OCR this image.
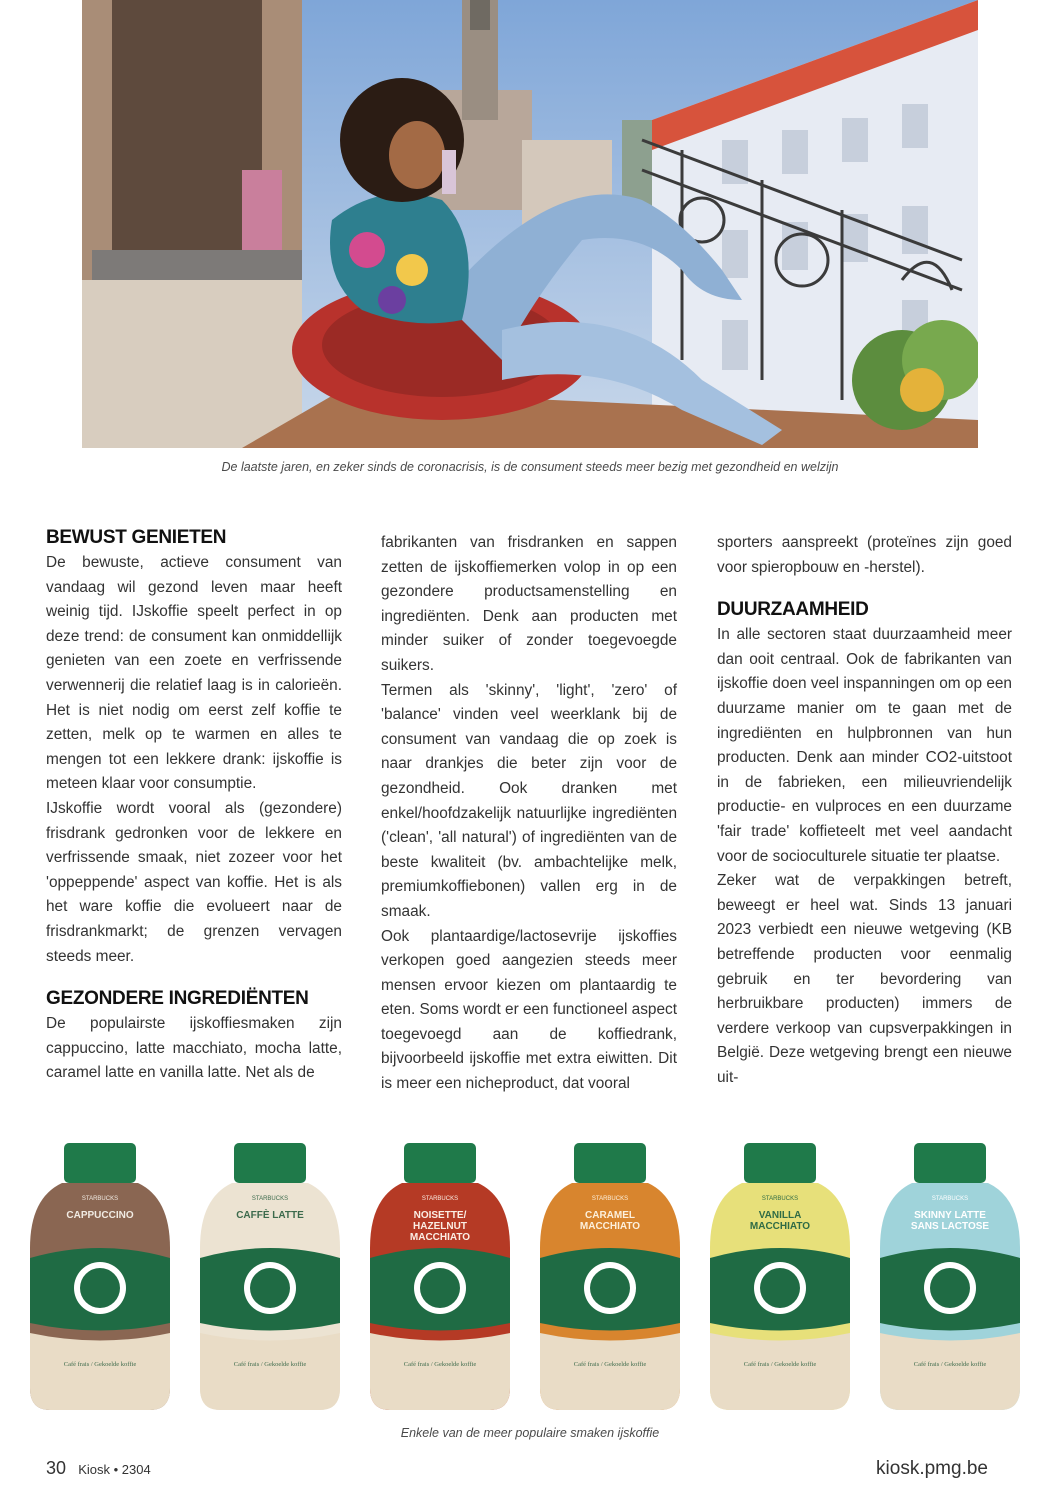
De laatste jaren, en zeker sinds de coronacrisis, is de consument steeds meer bezig met gezondheid en welzijn
BEWUST GENIETEN

De bewuste, actieve consument van vandaag wil gezond leven maar heeft weinig tijd. IJskoffie speelt perfect in op deze trend: de consument kan onmiddellijk genieten van een zoete en verfrissende verwennerij die relatief laag is in calorieën. Het is niet nodig om eerst zelf koffie te zetten, melk op te warmen en alles te mengen tot een lekkere drank: ijskoffie is meteen klaar voor consumptie.

IJskoffie wordt vooral als (gezondere) frisdrank gedronken voor de lekkere en verfrissende smaak, niet zozeer voor het 'oppeppende' aspect van koffie. Het is als het ware koffie die evolueert naar de frisdrankmarkt; de grenzen vervagen steeds meer.

GEZONDERE INGREDIËNTEN

De populairste ijskoffiesmaken zijn cappuccino, latte macchiato, mocha latte, caramel latte en vanilla latte. Net als de

fabrikanten van frisdranken en sappen zetten de ijskoffiemerken volop in op een gezondere productsamenstelling en ingrediënten. Denk aan producten met minder suiker of zonder toegevoegde suikers.

Termen als 'skinny', 'light', 'zero' of 'balance' vinden veel weerklank bij de consument van vandaag die op zoek is naar drankjes die beter zijn voor de gezondheid. Ook dranken met enkel/hoofdzakelijk natuurlijke ingrediënten ('clean', 'all natural') of ingrediënten van de beste kwaliteit (bv. ambachtelijke melk, premiumkoffiebonen) vallen erg in de smaak.

Ook plantaardige/lactosevrije ijskoffies verkopen goed aangezien steeds meer mensen ervoor kiezen om plantaardig te eten. Soms wordt er een functioneel aspect toegevoegd aan de koffiedrank, bijvoorbeeld ijskoffie met extra eiwitten. Dit is meer een nicheproduct, dat vooral

sporters aanspreekt (proteïnes zijn goed voor spieropbouw en -herstel).

DUURZAAMHEID

In alle sectoren staat duurzaamheid meer dan ooit centraal. Ook de fabrikanten van ijskoffie doen veel inspanningen om op een duurzame manier om te gaan met de ingrediënten en hulpbronnen van hun producten. Denk aan minder CO2-uitstoot in de fabrieken, een milieuvriendelijk productie- en vulproces en een duurzame 'fair trade' koffieteelt met veel aandacht voor de socioculturele situatie ter plaatse.

Zeker wat de verpakkingen betreft, beweegt er heel wat. Sinds 13 januari 2023 verbiedt een nieuwe wetgeving (KB betreffende producten voor eenmalig gebruik en ter bevordering van herbruikbare producten) immers de verdere verkoop van cupsverpakkingen in België. Deze wetgeving brengt een nieuwe uit-

STARBUCKS
CAPPUCCINO
Café frais / Gekoelde koffie
STARBUCKS
CAFFÈ LATTE
Café frais / Gekoelde koffie
STARBUCKS
NOISETTE/
HAZELNUT
MACCHIATO
Café frais / Gekoelde koffie
STARBUCKS
CARAMEL
MACCHIATO
Café frais / Gekoelde koffie
STARBUCKS
VANILLA
MACCHIATO
Café frais / Gekoelde koffie
STARBUCKS
SKINNY LATTE
SANS LACTOSE
Café frais / Gekoelde koffie
Enkele van de meer populaire smaken ijskoffie
30 Kiosk • 2304	kiosk.pmg.be
